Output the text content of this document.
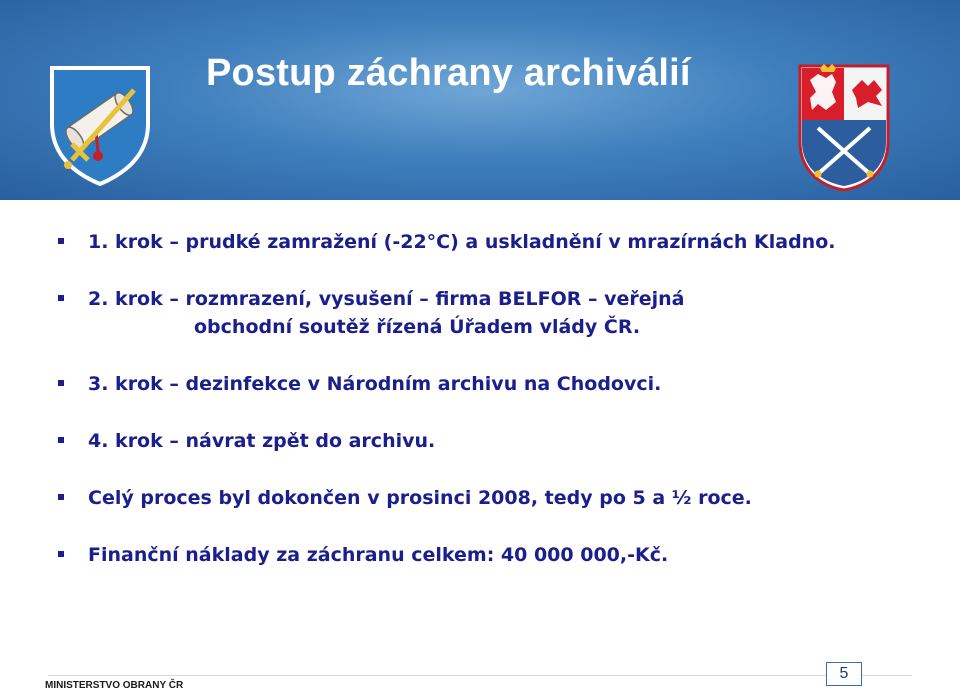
Postup záchrany archiválií
1. krok – prudké zamražení (-22°C) a uskladnění v mrazírnách Kladno.
2. krok – rozmrazení, vysušení – firma BELFOR – veřejná
obchodní soutěž řízená Úřadem vlády ČR.
3. krok – dezinfekce v Národním archivu na Chodovci.
4. krok – návrat zpět do archivu.
Celý proces byl dokončen v prosinci 2008, tedy po 5 a ½ roce.
Finanční náklady za záchranu celkem: 40 000 000,-Kč.
MINISTERSTVO OBRANY ČR
5
